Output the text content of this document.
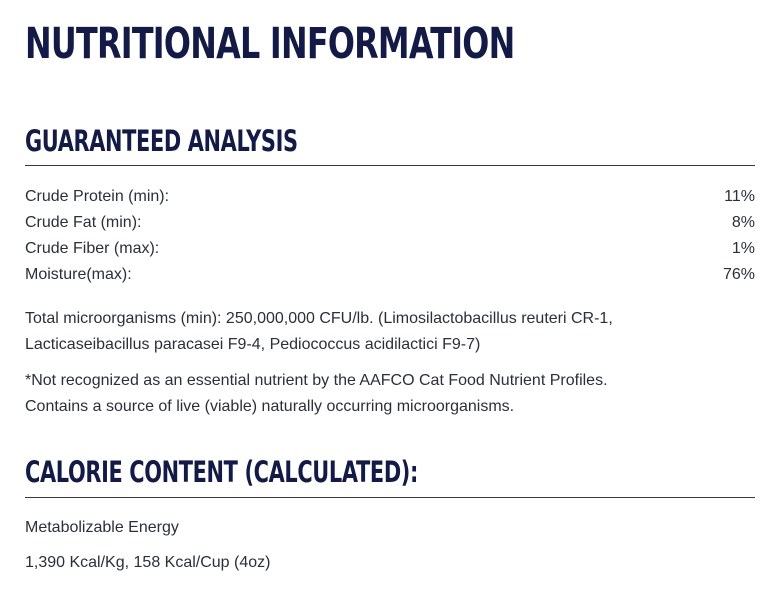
NUTRITIONAL INFORMATION
GUARANTEED ANALYSIS
Crude Protein (min):	11%
Crude Fat (min):	8%
Crude Fiber (max):	1%
Moisture(max):	76%

Total microorganisms (min): 250,000,000 CFU/lb. (Limosilactobacillus reuteri CR-1,
Lacticaseibacillus paracasei F9-4, Pediococcus acidilactici F9-7)

*Not recognized as an essential nutrient by the AAFCO Cat Food Nutrient Profiles.
Contains a source of live (viable) naturally occurring microorganisms.

CALORIE CONTENT (CALCULATED):

Metabolizable Energy

1,390 Kcal/Kg, 158 Kcal/Cup (4oz)
